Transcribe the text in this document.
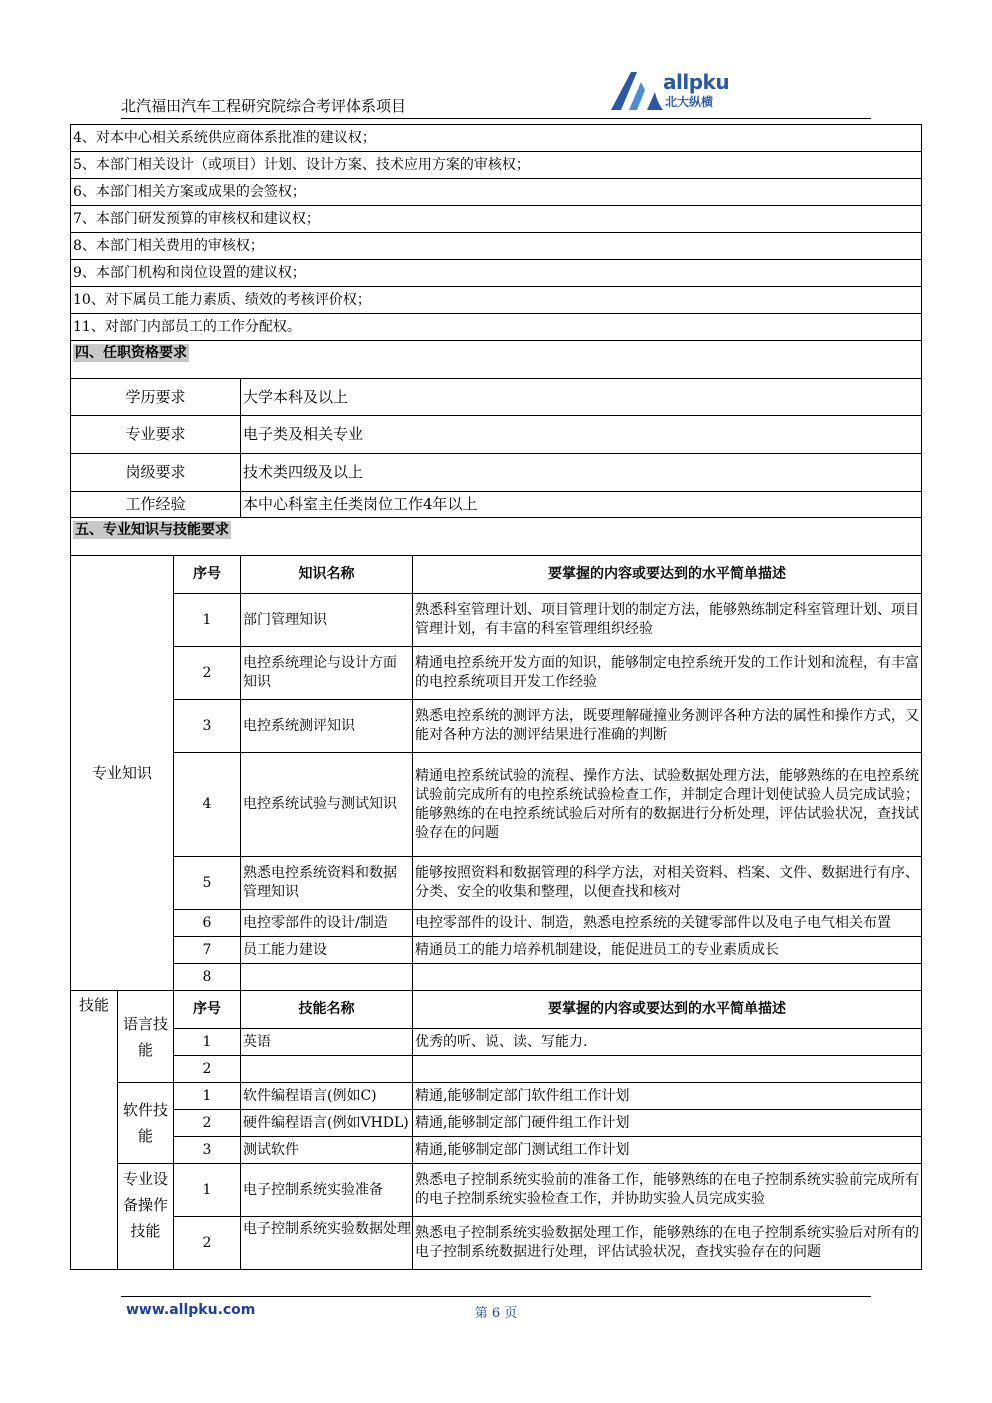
北汽福田汽车工程研究院综合考评体系项目
allpku
北大纵横
4、对本中心相关系统供应商体系批准的建议权；				
5、本部门相关设计（或项目）计划、设计方案、技术应用方案的审核权；				
6、本部门相关方案或成果的会签权；				
7、本部门研发预算的审核权和建议权；				
8、本部门相关费用的审核权；				
9、本部门机构和岗位设置的建议权；				
10、对下属员工能力素质、绩效的考核评价权；				
11、对部门内部员工的工作分配权。				
四、任职资格要求				
学历要求			大学本科及以上	
专业要求			电子类及相关专业	
岗级要求			技术类四级及以上	
工作经验			本中心科室主任类岗位工作4年以上	
五、专业知识与技能要求				
专业知识		序号	知识名称	要掌握的内容或要达到的水平简单描述
		1	部门管理知识	熟悉科室管理计划、项目管理计划的制定方法，能够熟练制定科室管理计划、项目管理计划，有丰富的科室管理组织经验
		2	电控系统理论与设计方面知识	精通电控系统开发方面的知识，能够制定电控系统开发的工作计划和流程，有丰富的电控系统项目开发工作经验
		3	电控系统测评知识	熟悉电控系统的测评方法，既要理解碰撞业务测评各种方法的属性和操作方式，又能对各种方法的测评结果进行准确的判断
		4	电控系统试验与测试知识	精通电控系统试验的流程、操作方法、试验数据处理方法，能够熟练的在电控系统试验前完成所有的电控系统试验检查工作，并制定合理计划使试验人员完成试验；能够熟练的在电控系统试验后对所有的数据进行分析处理，评估试验状况，查找试验存在的问题
		5	熟悉电控系统资料和数据管理知识	能够按照资料和数据管理的科学方法，对相关资料、档案、文件、数据进行有序、分类、安全的收集和整理，以便查找和核对
		6	电控零部件的设计/制造	电控零部件的设计、制造，熟悉电控系统的关键零部件以及电子电气相关布置
		7	员工能力建设	精通员工的能力培养机制建设，能促进员工的专业素质成长
		8		
技能	语言技能	序号	技能名称	要掌握的内容或要达到的水平简单描述
		1	英语	优秀的听、说、读、写能力.
		2		
	软件技能	1	软件编程语言(例如C)	精通,能够制定部门软件组工作计划
		2	硬件编程语言(例如VHDL)	精通,能够制定部门硬件组工作计划
		3	测试软件	精通,能够制定部门测试组工作计划
	专业设备操作技能	1	电子控制系统实验准备	熟悉电子控制系统实验前的准备工作，能够熟练的在电子控制系统实验前完成所有的电子控制系统实验检查工作，并协助实验人员完成实验
		2	电子控制系统实验数据处理	熟悉电子控制系统实验数据处理工作，能够熟练的在电子控制系统实验后对所有的电子控制系统数据进行处理，评估试验状况，查找实验存在的问题
www.allpku.com	第 6 页
